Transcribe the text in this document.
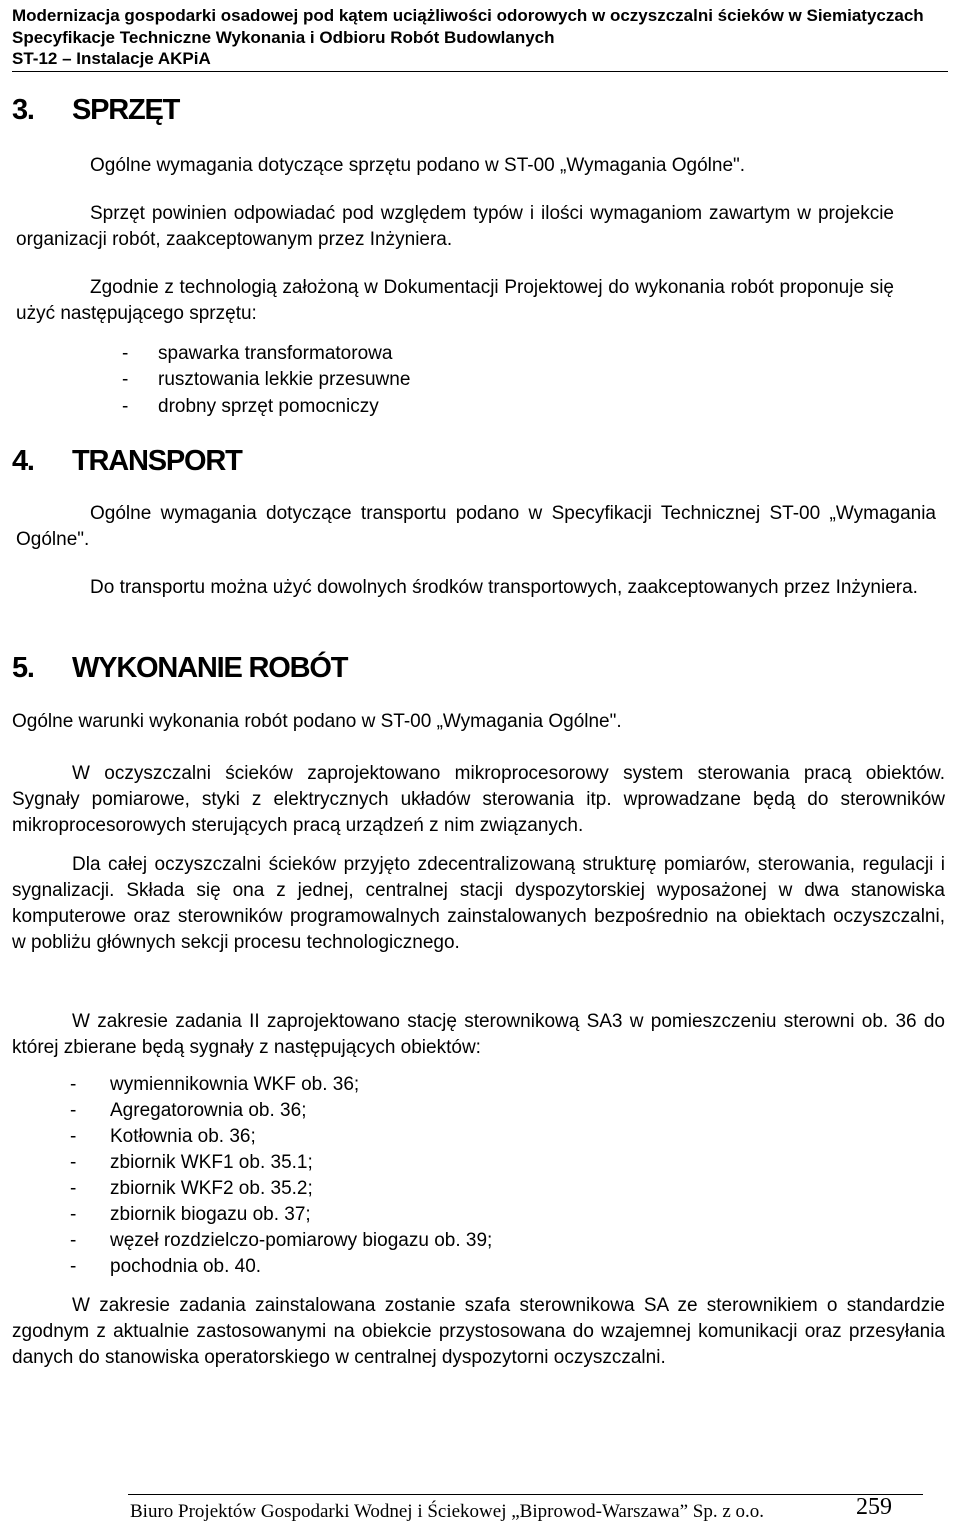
Modernizacja gospodarki osadowej pod kątem uciążliwości odorowych w oczyszczalni ścieków w Siemiatyczach
Specyfikacje Techniczne Wykonania i Odbioru Robót Budowlanych
ST-12 – Instalacje AKPiA
3. SPRZĘT

Ogólne wymagania dotyczące sprzętu podano w ST-00 „Wymagania Ogólne".

Sprzęt powinien odpowiadać pod względem typów i ilości wymaganiom zawartym w projekcie organizacji robót, zaakceptowanym przez Inżyniera.

Zgodnie z technologią założoną w Dokumentacji Projektowej do wykonania robót proponuje się użyć następującego sprzętu:

- spawarka transformatorowa
- rusztowania lekkie przesuwne
- drobny sprzęt pomocniczy
4. TRANSPORT

Ogólne wymagania dotyczące transportu podano w Specyfikacji Technicznej ST-00 „Wymagania Ogólne".

Do transportu można użyć dowolnych środków transportowych, zaakceptowanych przez Inżyniera.

5. WYKONANIE ROBÓT

Ogólne warunki wykonania robót podano w ST-00 „Wymagania Ogólne".

W oczyszczalni ścieków zaprojektowano mikroprocesorowy system sterowania pracą obiektów. Sygnały pomiarowe, styki z elektrycznych układów sterowania itp. wprowadzane będą do sterowników mikroprocesorowych sterujących pracą urządzeń z nim związanych.

Dla całej oczyszczalni ścieków przyjęto zdecentralizowaną strukturę pomiarów, sterowania, regulacji i sygnalizacji. Składa się ona z jednej, centralnej stacji dyspozytorskiej wyposażonej w dwa stanowiska komputerowe oraz sterowników programowalnych zainstalowanych bezpośrednio na obiektach oczyszczalni, w pobliżu głównych sekcji procesu technologicznego.

W zakresie zadania II zaprojektowano stację sterownikową SA3 w pomieszczeniu sterowni ob. 36 do której zbierane będą sygnały z następujących obiektów:

- wymiennikownia WKF ob. 36;
- Agregatorownia ob. 36;
- Kotłownia ob. 36;
- zbiornik WKF1 ob. 35.1;
- zbiornik WKF2 ob. 35.2;
- zbiornik biogazu ob. 37;
- węzeł rozdzielczo-pomiarowy biogazu ob. 39;
- pochodnia ob. 40.

W zakresie zadania zainstalowana zostanie szafa sterownikowa SA ze sterownikiem o standardzie zgodnym z aktualnie zastosowanymi na obiekcie przystosowana do wzajemnej komunikacji oraz przesyłania danych do stanowiska operatorskiego w centralnej dyspozytorni oczyszczalni.

Biuro Projektów Gospodarki Wodnej i Ściekowej „Biprowod-Warszawa” Sp. z o.o.	259
